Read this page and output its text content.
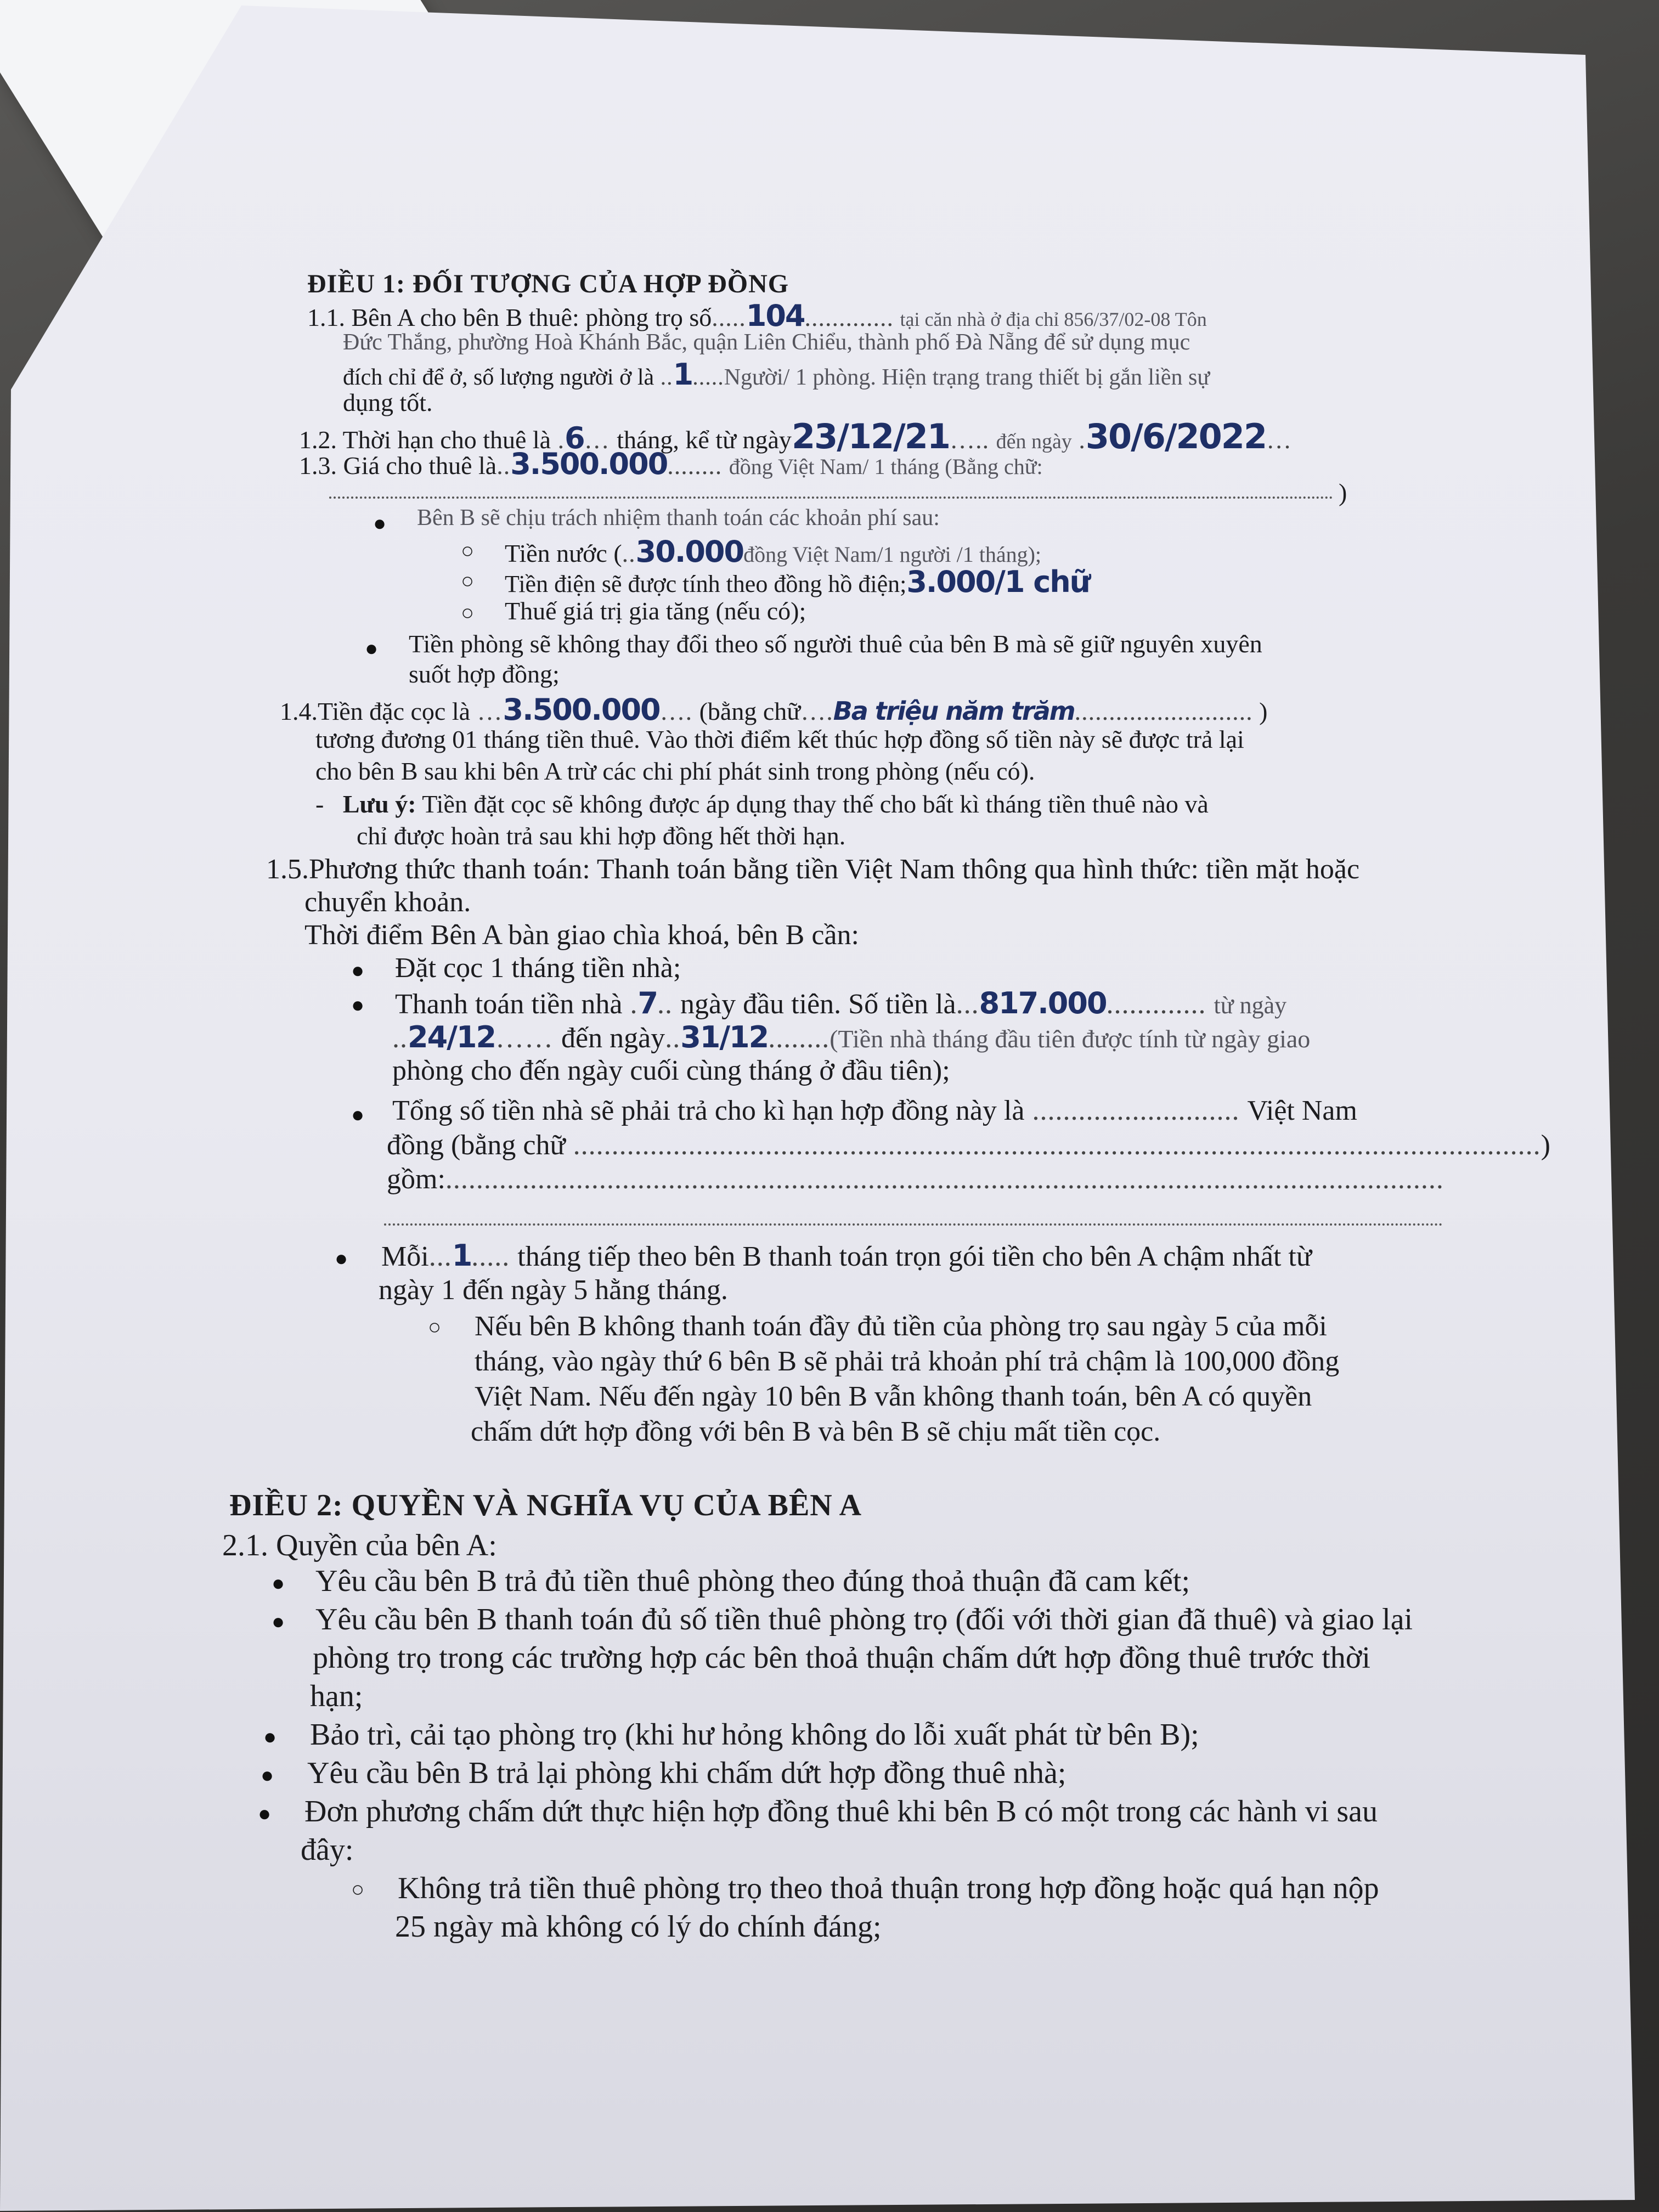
ĐIỀU 1: ĐỐI TƯỢNG CỦA HỢP ĐỒNG
1.1. Bên A cho bên B thuê: phòng trọ số.....104............. tại căn nhà ở địa chỉ 856/37/02-08 Tôn
Đức Thắng, phường Hoà Khánh Bắc, quận Liên Chiểu, thành phố Đà Nẵng để sử dụng mục
đích chỉ để ở, số lượng người ở là ..1.....Người/ 1 phòng. Hiện trạng trang thiết bị gắn liền sự
dụng tốt.
1.2. Thời hạn cho thuê là .6… tháng, kể từ ngày23/12/21….. đến ngày .30/6/2022…
1.3. Giá cho thuê là..3.500.000........ đồng Việt Nam/ 1 tháng (Bằng chữ:
)
● Bên B sẽ chịu trách nhiệm thanh toán các khoản phí sau:
○ Tiền nước (..30.000đồng Việt Nam/1 người /1 tháng);
○ Tiền điện sẽ được tính theo đồng hồ điện;3.000/1 chữ
○ Thuế giá trị gia tăng (nếu có);
● Tiền phòng sẽ không thay đổi theo số người thuê của bên B mà sẽ giữ nguyên xuyên
suốt hợp đồng;
1.4.Tiền đặc cọc là …3.500.000…. (bằng chữ….Ba triệu năm trăm.......................... )
tương đương 01 tháng tiền thuê. Vào thời điểm kết thúc hợp đồng số tiền này sẽ được trả lại
cho bên B sau khi bên A trừ các chi phí phát sinh trong phòng (nếu có).
-   Lưu ý: Tiền đặt cọc sẽ không được áp dụng thay thế cho bất kì tháng tiền thuê nào và
chỉ được hoàn trả sau khi hợp đồng hết thời hạn.
1.5.Phương thức thanh toán: Thanh toán bằng tiền Việt Nam thông qua hình thức: tiền mặt hoặc
chuyển khoản.
Thời điểm Bên A bàn giao chìa khoá, bên B cần:
● Đặt cọc 1 tháng tiền nhà;
● Thanh toán tiền nhà .7.. ngày đầu tiên. Số tiền là...817.000............. từ ngày
..24/12…… đến ngày..31/12........(Tiền nhà tháng đầu tiên được tính từ ngày giao
phòng cho đến ngày cuối cùng tháng ở đầu tiên);
● Tổng số tiền nhà sẽ phải trả cho kì hạn hợp đồng này là ........................... Việt Nam
đồng (bằng chữ ..............................................................................................................................)
gồm:..................................................................................................................................
● Mỗi...1..... tháng tiếp theo bên B thanh toán trọn gói tiền cho bên A chậm nhất từ
ngày 1 đến ngày 5 hằng tháng.
○ Nếu bên B không thanh toán đầy đủ tiền của phòng trọ sau ngày 5 của mỗi
tháng, vào ngày thứ 6 bên B sẽ phải trả khoản phí trả chậm là 100,000 đồng
Việt Nam. Nếu đến ngày 10 bên B vẫn không thanh toán, bên A có quyền
chấm dứt hợp đồng với bên B và bên B sẽ chịu mất tiền cọc.
ĐIỀU 2: QUYỀN VÀ NGHĨA VỤ CỦA BÊN A
2.1. Quyền của bên A:
● Yêu cầu bên B trả đủ tiền thuê phòng theo đúng thoả thuận đã cam kết;
● Yêu cầu bên B thanh toán đủ số tiền thuê phòng trọ (đối với thời gian đã thuê) và giao lại
phòng trọ trong các trường hợp các bên thoả thuận chấm dứt hợp đồng thuê trước thời
hạn;
● Bảo trì, cải tạo phòng trọ (khi hư hỏng không do lỗi xuất phát từ bên B);
● Yêu cầu bên B trả lại phòng khi chấm dứt hợp đồng thuê nhà;
● Đơn phương chấm dứt thực hiện hợp đồng thuê khi bên B có một trong các hành vi sau
đây:
○ Không trả tiền thuê phòng trọ theo thoả thuận trong hợp đồng hoặc quá hạn nộp
25 ngày mà không có lý do chính đáng;
